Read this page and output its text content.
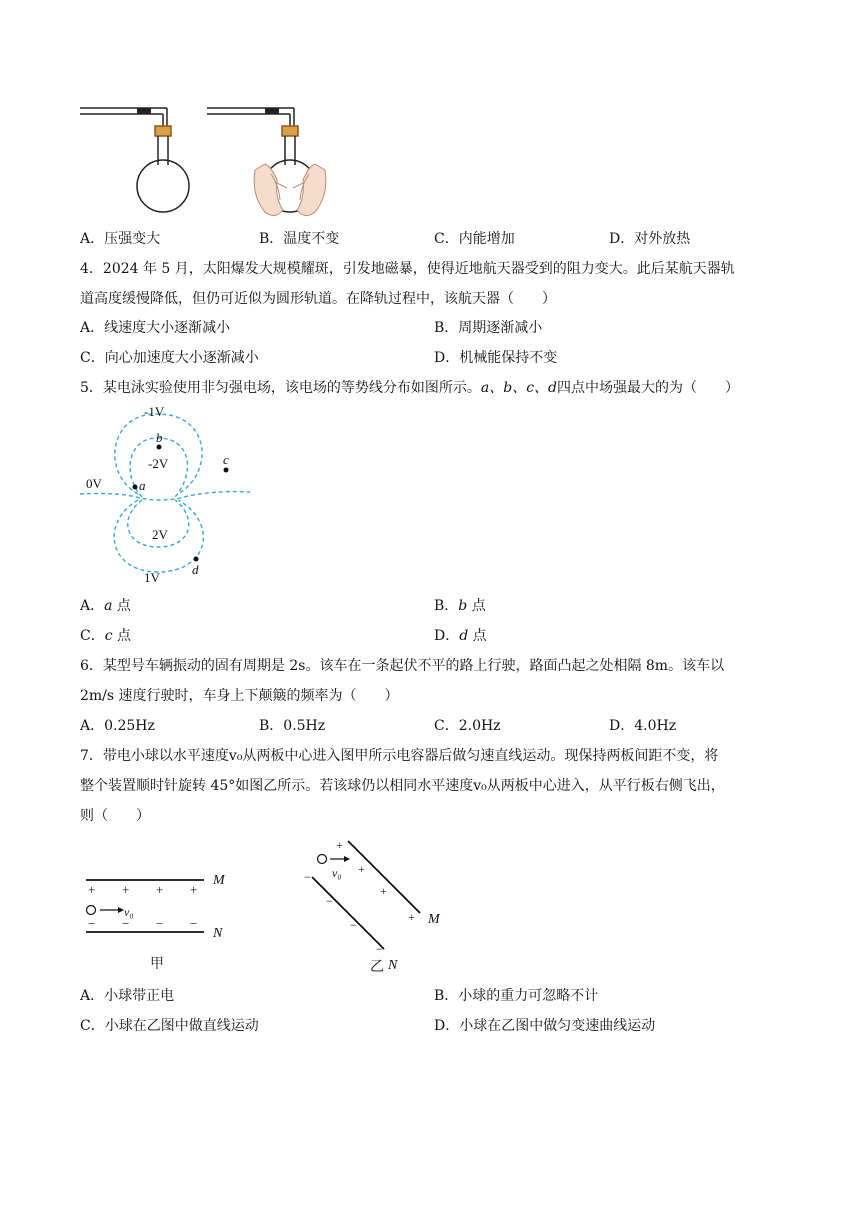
A．压强变大	B．温度不变	C．内能增加	D．对外放热
4．2024 年 5 月，太阳爆发大规模耀斑，引发地磁暴，使得近地航天器受到的阻力变大。此后某航天器轨
道高度缓慢降低，但仍可近似为圆形轨道。在降轨过程中，该航天器（　　）
A．线速度大小逐渐减小	B．周期逐渐减小
C．向心加速度大小逐渐减小	D．机械能保持不变
5．某电泳实验使用非匀强电场，该电场的等势线分布如图所示。a、b、c、d四点中场强最大的为（　　）
-1V
-2V
0V
2V
1V
a
b
c
d
A．a 点	B．b 点
C．c 点	D．d 点
6．某型号车辆振动的固有周期是 2s。该车在一条起伏不平的路上行驶，路面凸起之处相隔 8m。该车以
2m/s 速度行驶时，车身上下颠簸的频率为（　　）
A．0.25Hz	B．0.5Hz	C．2.0Hz	D．4.0Hz
7．带电小球以水平速度v₀从两板中心进入图甲所示电容器后做匀速直线运动。现保持两板间距不变，将
整个装置顺时针旋转 45°如图乙所示。若该球仍以相同水平速度v₀从两板中心进入，从平行板右侧飞出，
则（　　）
+ + + +
− − − −
M
N
v₀
甲
+
+
+
+
−
−
−
−
M
N
v₀
乙
A．小球带正电	B．小球的重力可忽略不计
C．小球在乙图中做直线运动	D．小球在乙图中做匀变速曲线运动
